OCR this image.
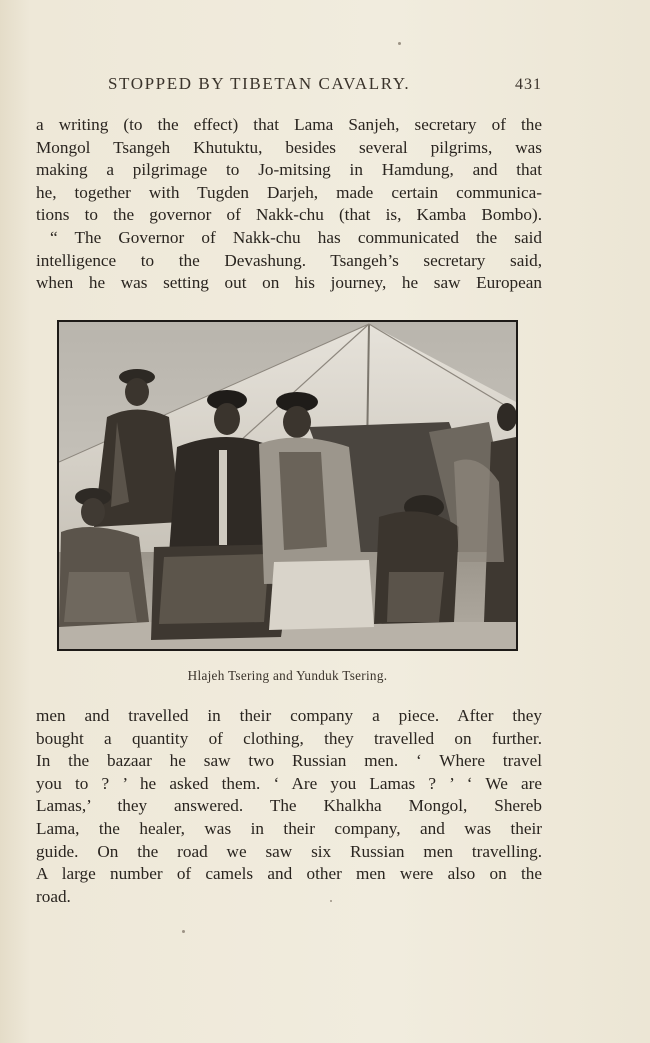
STOPPED BY TIBETAN CAVALRY.	431
a writing (to the effect) that Lama Sanjeh, secretary of the
Mongol Tsangeh Khutuktu, besides several pilgrims, was
making a pilgrimage to Jo-mitsing in Hamdung, and that
he, together with Tugden Darjeh, made certain communica-
tions to the governor of Nakk-chu (that is, Kamba Bombo).
“ The Governor of Nakk-chu has communicated the said
intelligence to the Devashung. Tsangeh’s secretary said,
when he was setting out on his journey, he saw European
Hlajeh Tsering and Yunduk Tsering.
men and travelled in their company a piece. After they
bought a quantity of clothing, they travelled on further.
In the bazaar he saw two Russian men. ‘ Where travel
you to ? ’ he asked them. ‘ Are you Lamas ? ’ ‘ We are
Lamas,’ they answered. The Khalkha Mongol, Shereb
Lama, the healer, was in their company, and was their
guide. On the road we saw six Russian men travelling.
A large number of camels and other men were also on the
road.
